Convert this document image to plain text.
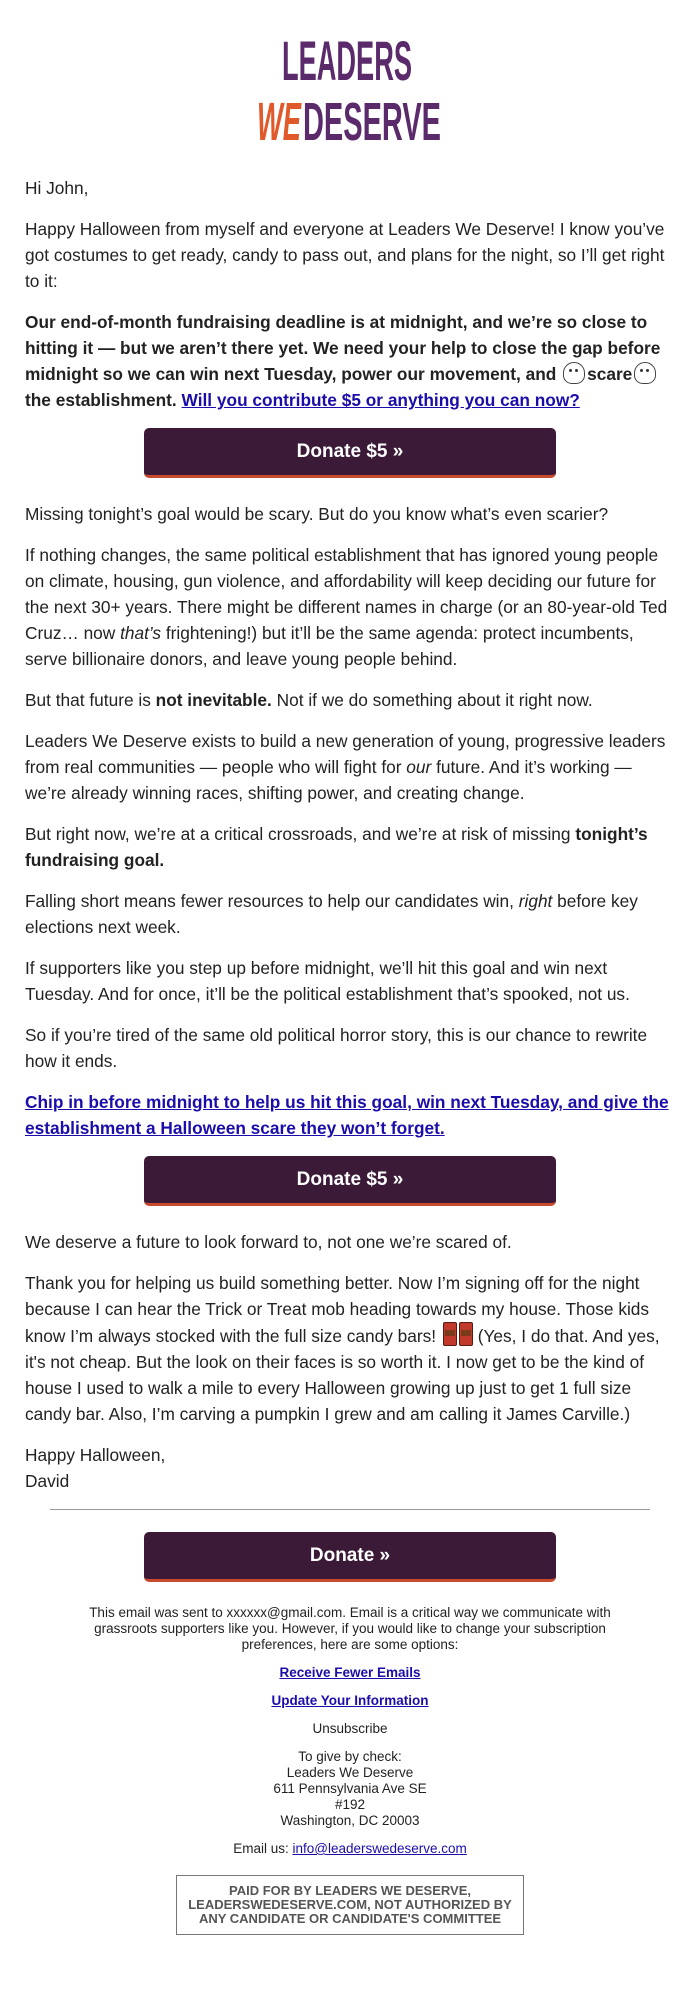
LEADERS
WE DESERVE

Hi John,

Happy Halloween from myself and everyone at Leaders We Deserve! I know you’ve got costumes to get ready, candy to pass out, and plans for the night, so I’ll get right to it:

Our end-of-month fundraising deadline is at midnight, and we’re so close to hitting it — but we aren’t there yet. We need your help to close the gap before midnight so we can win next Tuesday, power our movement, and scare the establishment. Will you contribute $5 or anything you can now?

Donate $5 »

Missing tonight’s goal would be scary. But do you know what’s even scarier?

If nothing changes, the same political establishment that has ignored young people on climate, housing, gun violence, and affordability will keep deciding our future for the next 30+ years. There might be different names in charge (or an 80-year-old Ted Cruz… now that’s frightening!) but it’ll be the same agenda: protect incumbents, serve billionaire donors, and leave young people behind.

But that future is not inevitable. Not if we do something about it right now.

Leaders We Deserve exists to build a new generation of young, progressive leaders from real communities — people who will fight for our future. And it’s working — we’re already winning races, shifting power, and creating change.

But right now, we’re at a critical crossroads, and we’re at risk of missing tonight’s fundraising goal.

Falling short means fewer resources to help our candidates win, right before key elections next week.

If supporters like you step up before midnight, we’ll hit this goal and win next Tuesday. And for once, it’ll be the political establishment that’s spooked, not us.

So if you’re tired of the same old political horror story, this is our chance to rewrite how it ends.

Chip in before midnight to help us hit this goal, win next Tuesday, and give the establishment a Halloween scare they won’t forget.

Donate $5 »

We deserve a future to look forward to, not one we’re scared of.

Thank you for helping us build something better. Now I’m signing off for the night because I can hear the Trick or Treat mob heading towards my house. Those kids know I’m always stocked with the full size candy bars!  (Yes, I do that. And yes, it's not cheap. But the look on their faces is so worth it. I now get to be the kind of house I used to walk a mile to every Halloween growing up just to get 1 full size candy bar. Also, I’m carving a pumpkin I grew and am calling it James Carville.)

Happy Halloween,
David

Donate »

This email was sent to xxxxxx@gmail.com. Email is a critical way we communicate with grassroots supporters like you. However, if you would like to change your subscription preferences, here are some options:

Receive Fewer Emails

Update Your Information

Unsubscribe

To give by check:
Leaders We Deserve
611 Pennsylvania Ave SE
#192
Washington, DC 20003

Email us: info@leaderswedeserve.com

PAID FOR BY LEADERS WE DESERVE, LEADERSWEDESERVE.COM, NOT AUTHORIZED BY ANY CANDIDATE OR CANDIDATE'S COMMITTEE
